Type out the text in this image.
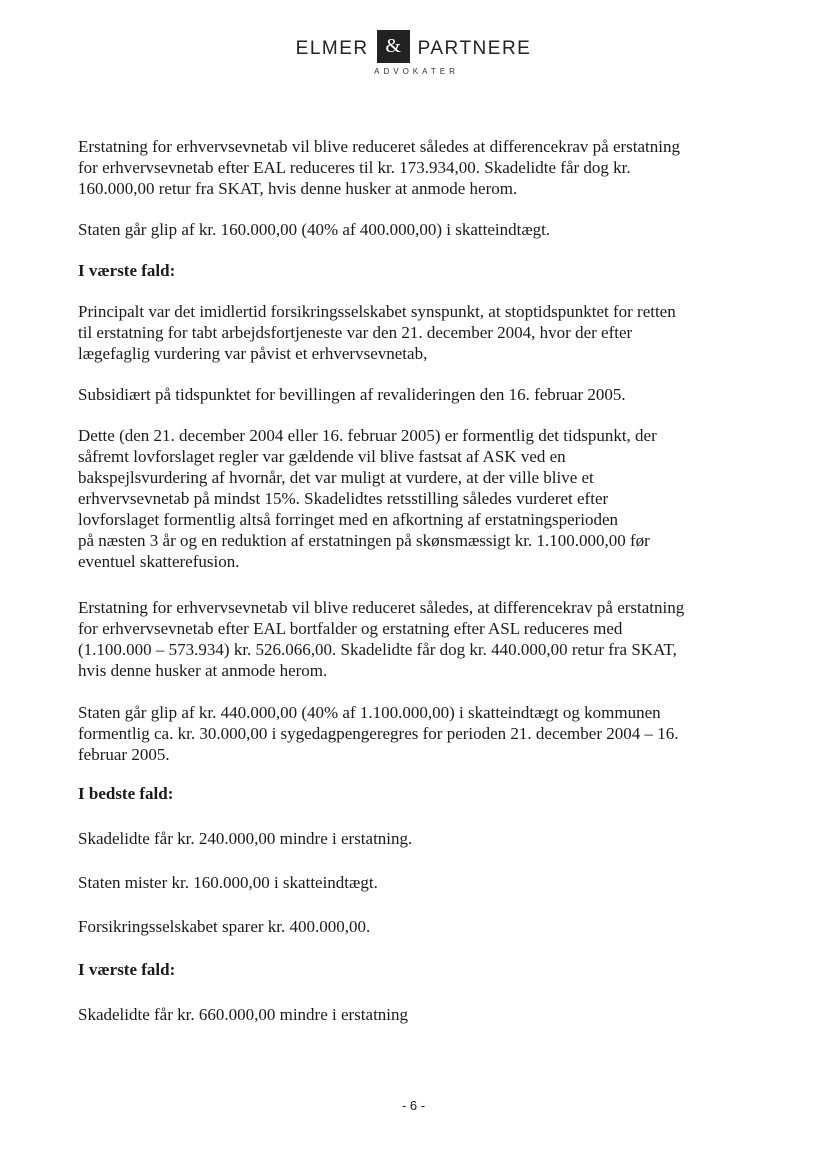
ELMER & PARTNERE
ADVOKATER

Erstatning for erhvervsevnetab vil blive reduceret således at differencekrav på erstatning
for erhvervsevnetab efter EAL reduceres til kr. 173.934,00. Skadelidte får dog kr.
160.000,00 retur fra SKAT, hvis denne husker at anmode herom.

Staten går glip af kr. 160.000,00 (40% af 400.000,00) i skatteindtægt.

I værste fald:

Principalt var det imidlertid forsikringsselskabet synspunkt, at stoptidspunktet for retten
til erstatning for tabt arbejdsfortjeneste var den 21. december 2004, hvor der efter
lægefaglig vurdering var påvist et erhvervsevnetab,

Subsidiært på tidspunktet for bevillingen af revalideringen den 16. februar 2005.

Dette (den 21. december 2004 eller 16. februar 2005) er formentlig det tidspunkt, der
såfremt lovforslaget regler var gældende vil blive fastsat af ASK ved en
bakspejlsvurdering af hvornår, det var muligt at vurdere, at der ville blive et
erhvervsevnetab på mindst 15%. Skadelidtes retsstilling således vurderet efter
lovforslaget formentlig altså forringet med en afkortning af erstatningsperioden
på næsten 3 år og en reduktion af erstatningen på skønsmæssigt kr. 1.100.000,00 før
eventuel skatterefusion.

Erstatning for erhvervsevnetab vil blive reduceret således, at differencekrav på erstatning
for erhvervsevnetab efter EAL bortfalder og erstatning efter ASL reduceres med
(1.100.000 – 573.934) kr. 526.066,00. Skadelidte får dog kr. 440.000,00 retur fra SKAT,
hvis denne husker at anmode herom.

Staten går glip af kr. 440.000,00 (40% af 1.100.000,00) i skatteindtægt og kommunen
formentlig ca. kr. 30.000,00 i sygedagpengeregres for perioden 21. december 2004 – 16.
februar 2005.

I bedste fald:

Skadelidte får kr. 240.000,00 mindre i erstatning.

Staten mister kr. 160.000,00 i skatteindtægt.

Forsikringsselskabet sparer kr. 400.000,00.

I værste fald:

Skadelidte får kr. 660.000,00 mindre i erstatning

- 6 -
